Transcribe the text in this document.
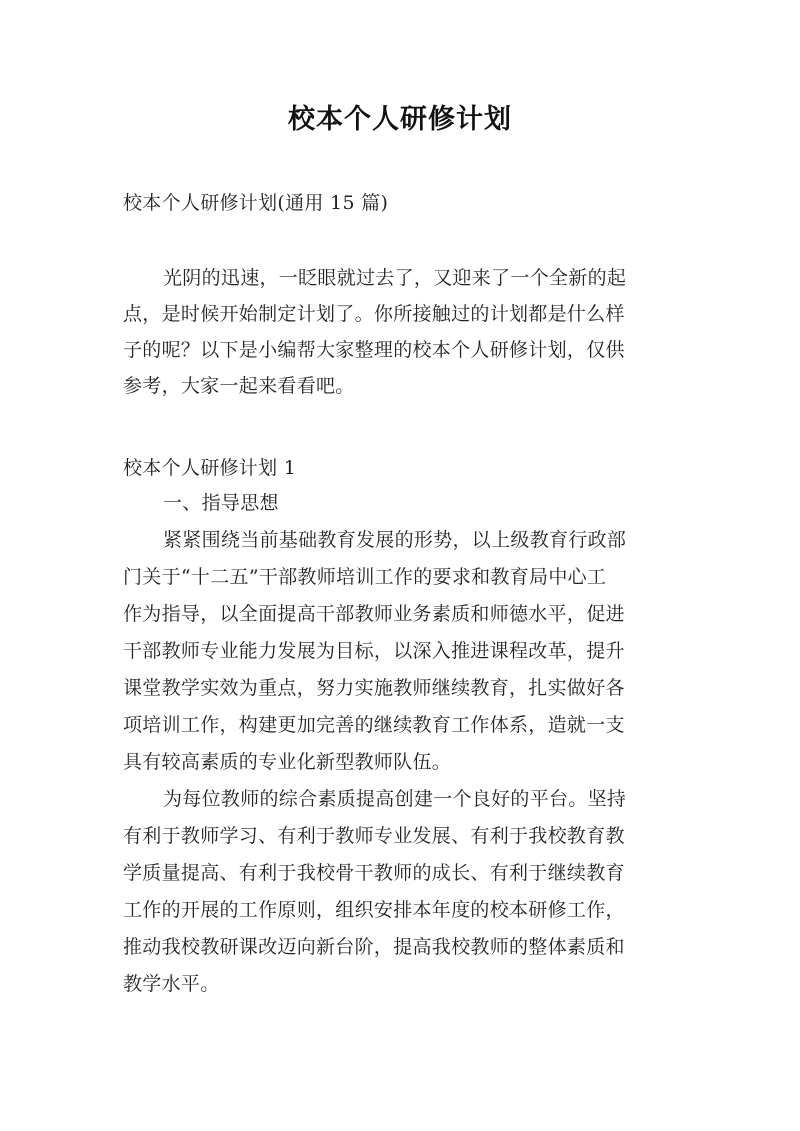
校本个人研修计划
校本个人研修计划(通用 15 篇)
光阴的迅速，一眨眼就过去了，又迎来了一个全新的起
点，是时候开始制定计划了。你所接触过的计划都是什么样
子的呢？以下是小编帮大家整理的校本个人研修计划，仅供
参考，大家一起来看看吧。
校本个人研修计划 1
一、指导思想
紧紧围绕当前基础教育发展的形势，以上级教育行政部
门关于“十二五”干部教师培训工作的要求和教育局中心工
作为指导，以全面提高干部教师业务素质和师德水平，促进
干部教师专业能力发展为目标，以深入推进课程改革，提升
课堂教学实效为重点，努力实施教师继续教育，扎实做好各
项培训工作，构建更加完善的继续教育工作体系，造就一支
具有较高素质的专业化新型教师队伍。
为每位教师的综合素质提高创建一个良好的平台。坚持
有利于教师学习、有利于教师专业发展、有利于我校教育教
学质量提高、有利于我校骨干教师的成长、有利于继续教育
工作的开展的工作原则，组织安排本年度的校本研修工作，
推动我校教研课改迈向新台阶，提高我校教师的整体素质和
教学水平。
